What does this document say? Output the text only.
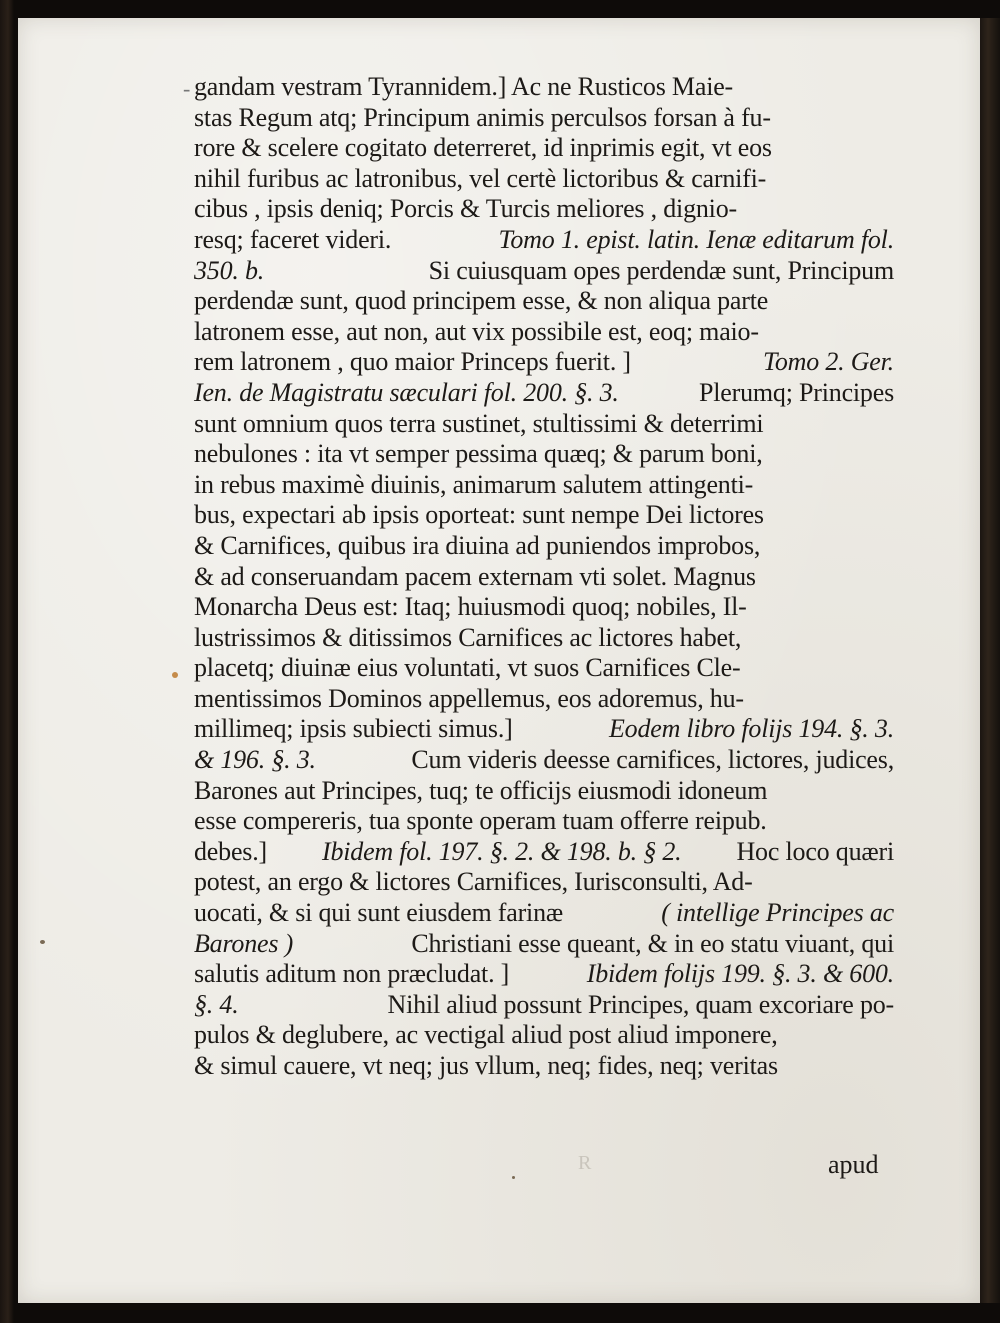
- gandam vestram Tyrannidem.] Ac ne Rusticos Maie-
stas Regum atq; Principum animis perculsos forsan à fu-
rore & scelere cogitato deterreret, id inprimis egit, vt eos
nihil furibus ac latronibus, vel certè lictoribus & carnifi-
cibus , ipsis deniq; Porcis & Turcis meliores , dignio-
resq; faceret videri.	Tomo 1. epist. latin. Ienæ editarum fol.
350. b.	Si cuiusquam opes perdendæ sunt, Principum
perdendæ sunt, quod principem esse, & non aliqua parte
latronem esse, aut non, aut vix possibile est, eoq; maio-
rem latronem , quo maior Princeps fuerit. ]	Tomo 2. Ger.
Ien. de Magistratu sæculari fol. 200. §. 3.	Plerumq; Principes
sunt omnium quos terra sustinet, stultissimi & deterrimi
nebulones : ita vt semper pessima quæq; & parum boni,
in rebus maximè diuinis, animarum salutem attingenti-
bus, expectari ab ipsis oporteat: sunt nempe Dei lictores
& Carnifices, quibus ira diuina ad puniendos improbos,
& ad conseruandam pacem externam vti solet. Magnus
Monarcha Deus est: Itaq; huiusmodi quoq; nobiles, Il-
lustrissimos & ditissimos Carnifices ac lictores habet,
placetq; diuinæ eius voluntati, vt suos Carnifices Cle-
mentissimos Dominos appellemus, eos adoremus, hu-
millimeq; ipsis subiecti simus.]	Eodem libro folijs 194. §. 3.
& 196. §. 3.	Cum videris deesse carnifices, lictores, judices,
Barones aut Principes, tuq; te officijs eiusmodi idoneum
esse compereris, tua sponte operam tuam offerre reipub.
debes.] Ibidem fol. 197. §. 2. & 198. b. § 2. Hoc loco quæri
potest, an ergo & lictores Carnifices, Iurisconsulti, Ad-
uocati, & si qui sunt eiusdem farinæ	( intellige Principes ac
Barones )	Christiani esse queant, & in eo statu viuant, qui
salutis aditum non præcludat. ]	Ibidem folijs 199. §. 3. & 600.
§. 4.	Nihil aliud possunt Principes, quam excoriare po-
pulos & deglubere, ac vectigal aliud post aliud imponere,
& simul cauere, vt neq; jus vllum, neq; fides, neq; veritas
R	apud
